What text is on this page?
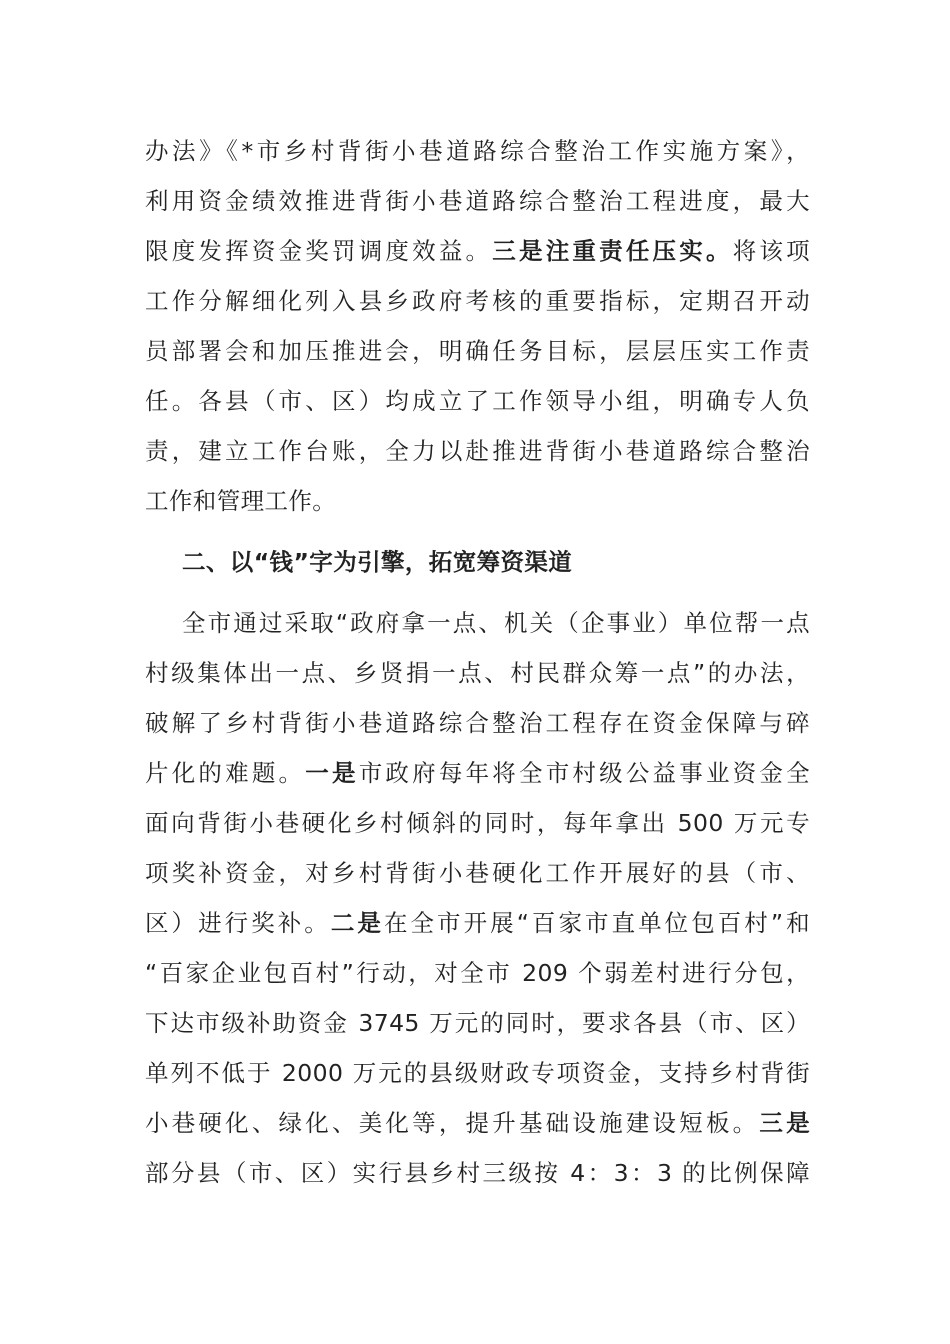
办法》《*市乡村背街小巷道路综合整治工作实施方案》，
利用资金绩效推进背街小巷道路综合整治工程进度，最大
限度发挥资金奖罚调度效益。三是注重责任压实。将该项
工作分解细化列入县乡政府考核的重要指标，定期召开动
员部署会和加压推进会，明确任务目标，层层压实工作责
任。各县（市、区）均成立了工作领导小组，明确专人负
责，建立工作台账，全力以赴推进背街小巷道路综合整治
工作和管理工作。
二、以“钱”字为引擎，拓宽筹资渠道
全市通过采取“政府拿一点、机关（企事业）单位帮一点
村级集体出一点、乡贤捐一点、村民群众筹一点”的办法，
破解了乡村背街小巷道路综合整治工程存在资金保障与碎
片化的难题。一是市政府每年将全市村级公益事业资金全
面向背街小巷硬化乡村倾斜的同时，每年拿出 500 万元专
项奖补资金，对乡村背街小巷硬化工作开展好的县（市、
区）进行奖补。二是在全市开展“百家市直单位包百村”和
“百家企业包百村”行动，对全市 209 个弱差村进行分包，
下达市级补助资金 3745 万元的同时，要求各县（市、区）
单列不低于 2000 万元的县级财政专项资金，支持乡村背街
小巷硬化、绿化、美化等，提升基础设施建设短板。三是
部分县（市、区）实行县乡村三级按 4：3：3 的比例保障
